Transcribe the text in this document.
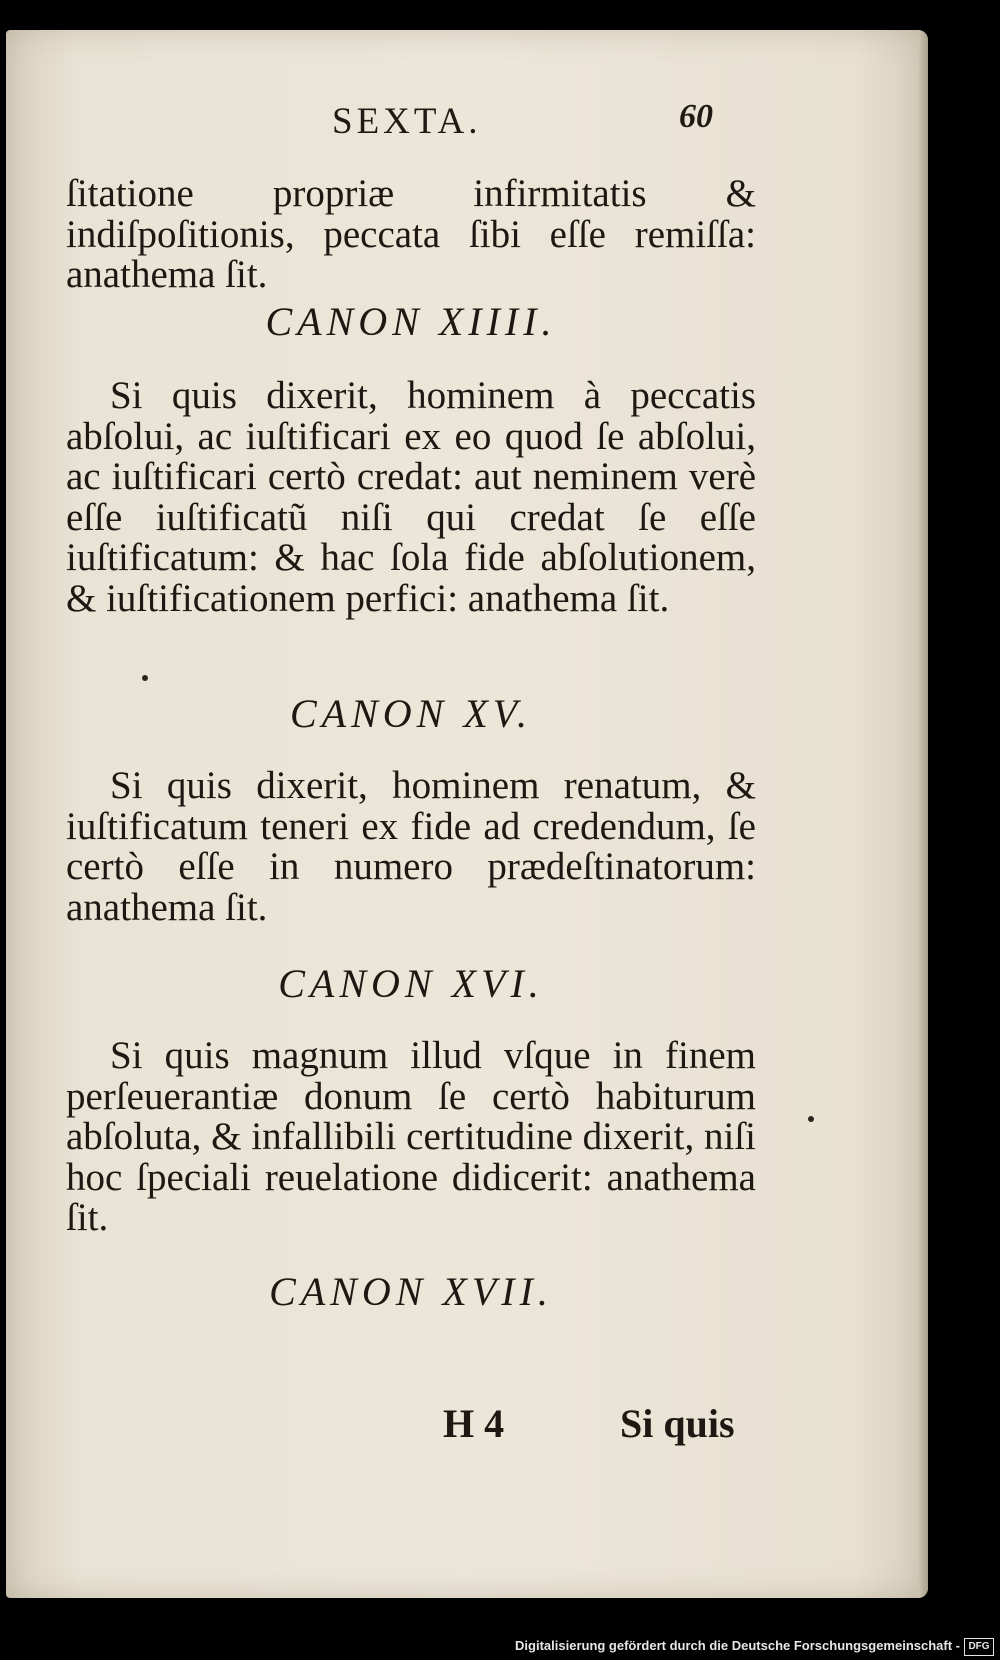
SEXTA.	60

ſitatione propriæ infirmitatis & indiſpoſitionis, peccata ſibi eſſe remiſſa: anathema ſit.

CANON XIIII.

Si quis dixerit, hominem à peccatis abſolui, ac iuſtificari ex eo quod ſe abſolui, ac iuſtificari certò credat: aut neminem verè eſſe iuſtificatũ niſi qui credat ſe eſſe iuſtificatum: & hac ſola fide abſolutionem, & iuſtificationem perfici: anathema ſit.

CANON XV.

Si quis dixerit, hominem renatum, & iuſtificatum teneri ex fide ad credendum, ſe certò eſſe in numero prædeſtinatorum: anathema ſit.

CANON XVI.

Si quis magnum illud vſque in finem perſeuerantiæ donum ſe certò habiturum abſoluta, & infallibili certitudine dixerit, niſi hoc ſpeciali reuelatione didicerit: anathema ſit.

CANON XVII.
H 4	Si quis
Digitalisierung gefördert durch die Deutsche Forschungsgemeinschaft - DFG
